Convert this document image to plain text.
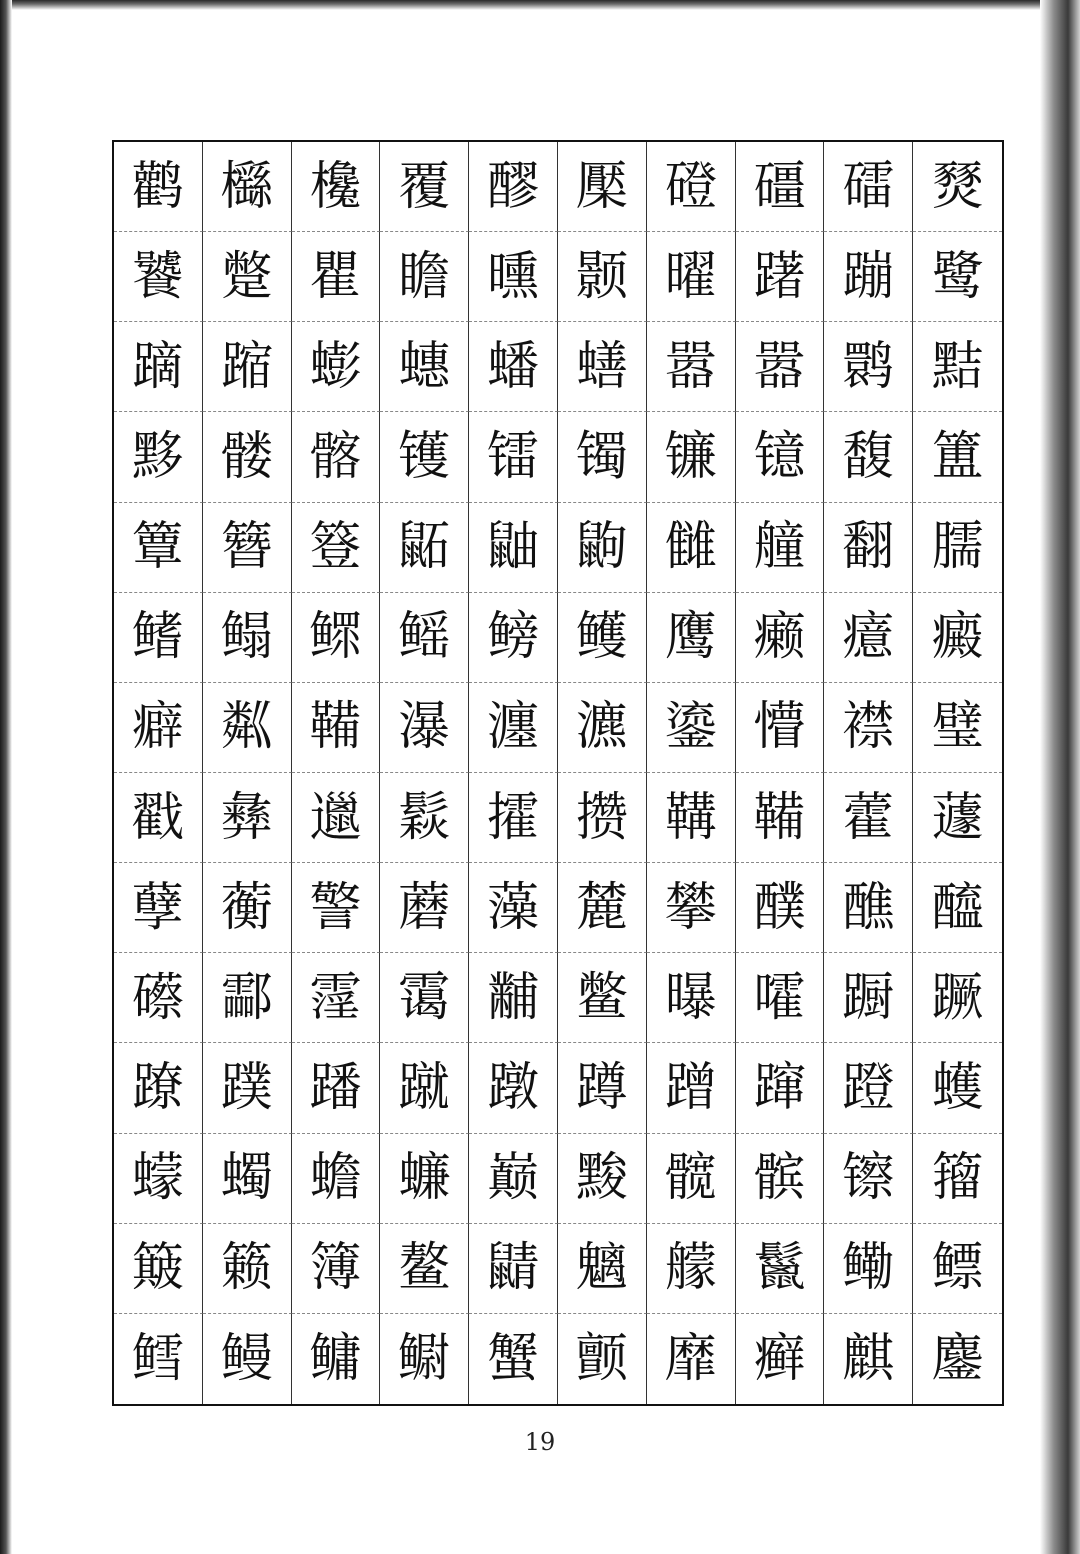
鹳 櫾 欃 覆 醪 檿 磴 礓 礌 燹
饕 蹩 瞿 瞻 曛 颢 曜 躇 蹦 鹭
蹢 蹜 蟛 蟪 蟠 蟮 嚣 嚣 鹮 黠
黟 髅 髂 镬 镭 镯 镰 镱 馥 簠
簟 簪 簦 鼫 鼬 鼩 雠 艟 翻 臑
鳍 鳎 鳏 鳐 鳑 鳠 鹰 癞 癔 癜
癖 粼 鞴 瀑 瀍 瀌 鎏 懵 襟 璧
戳 彝 邋 鬏 攉 攒 鞲 鞴 藿 蘧
孽 蘅 警 蘑 藻 麓 攀 醭 醮 醯
礤 酃 霪 霭 黼 鳖 曝 嚯 蹰 蹶
蹽 蹼 蹯 蹴 蹾 蹲 蹭 蹿 蹬 蠖
蠓 蠋 蟾 蠊 巅 黢 髋 髌 镲 籀
簸 籁 簿 鳌 鼱 魑 艨 鬣 鳓 鳔
鳕 鳗 鳙 鳚 蟹 颤 靡 癣 麒 鏖
19
